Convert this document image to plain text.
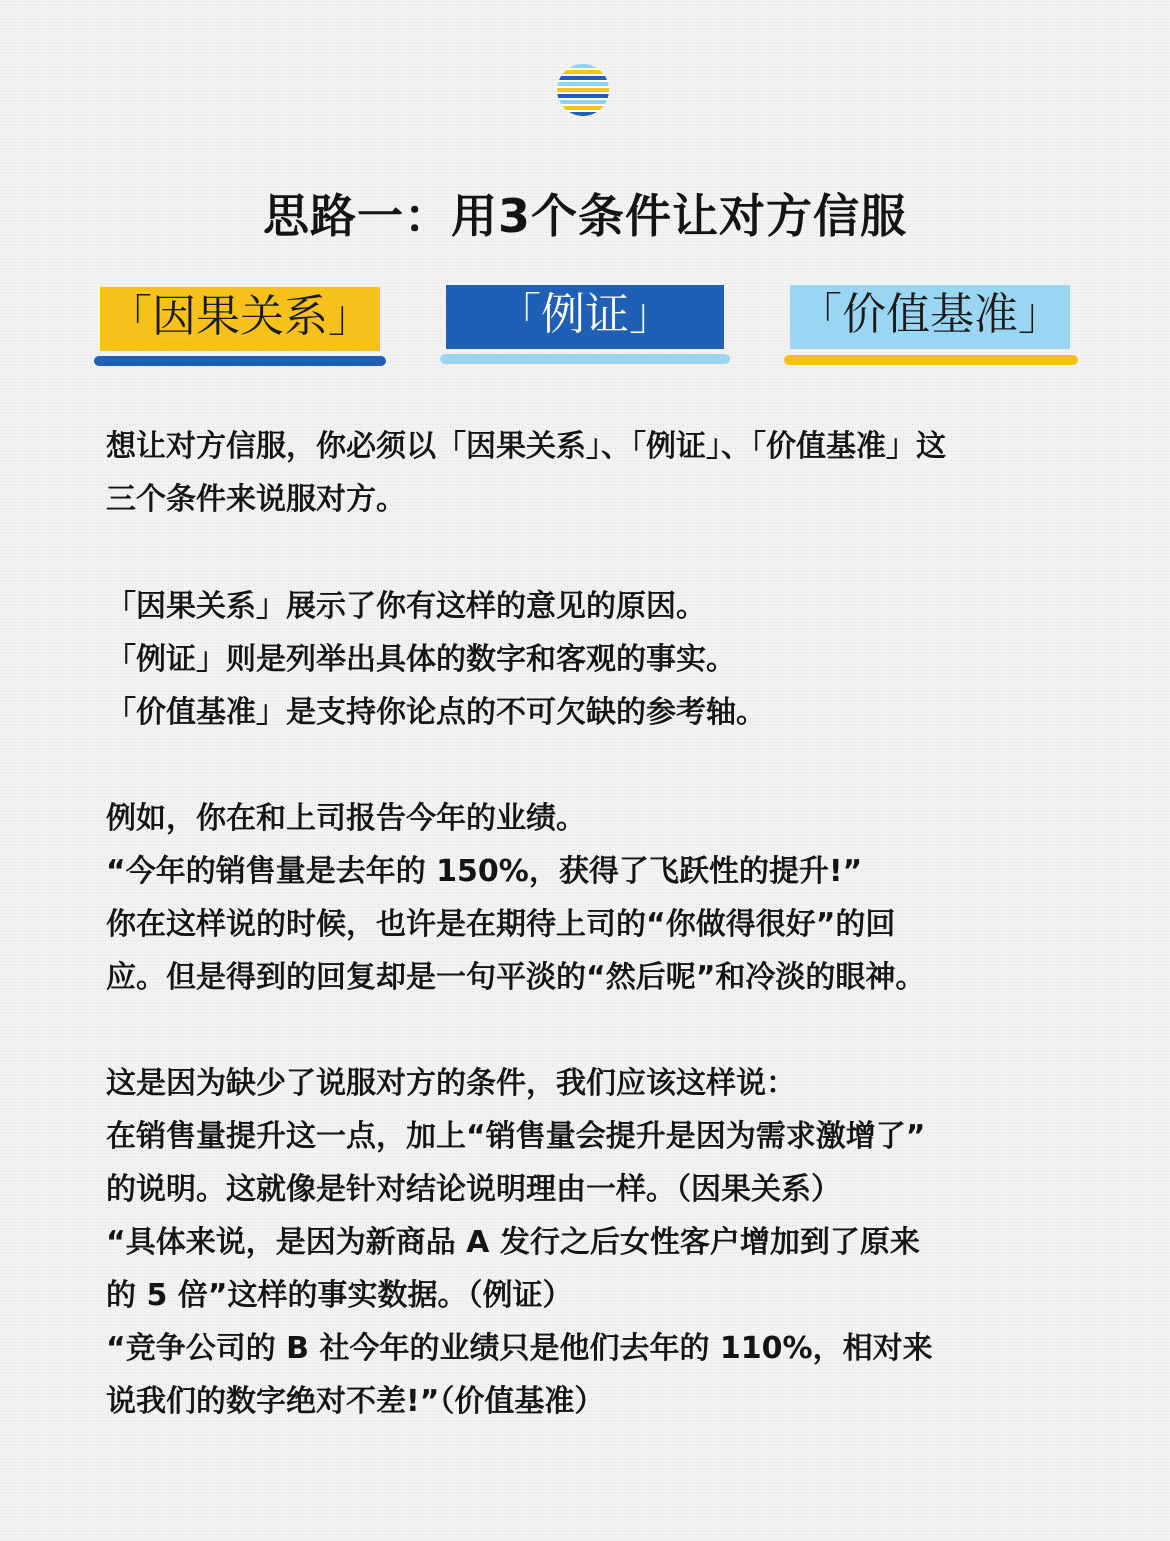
思路一：用3个条件让对方信服
「因果关系」	「例证」	「价值基准」

想让对方信服，你必须以「因果关系」、「例证」、「价值基准」这

三个条件来说服对方。

「因果关系」展示了你有这样的意见的原因。

「例证」则是列举出具体的数字和客观的事实。

「价值基准」是支持你论点的不可欠缺的参考轴。

例如，你在和上司报告今年的业绩。

“今年的销售量是去年的 150%，获得了飞跃性的提升!”

你在这样说的时候，也许是在期待上司的“你做得很好”的回

应。但是得到的回复却是一句平淡的“然后呢”和冷淡的眼神。

这是因为缺少了说服对方的条件，我们应该这样说：

在销售量提升这一点，加上“销售量会提升是因为需求激增了”

的说明。这就像是针对结论说明理由一样。（因果关系）

“具体来说，是因为新商品 A 发行之后女性客户增加到了原来

的 5 倍”这样的事实数据。（例证）

“竞争公司的 B 社今年的业绩只是他们去年的 110%，相对来

说我们的数字绝对不差!”（价值基准）
